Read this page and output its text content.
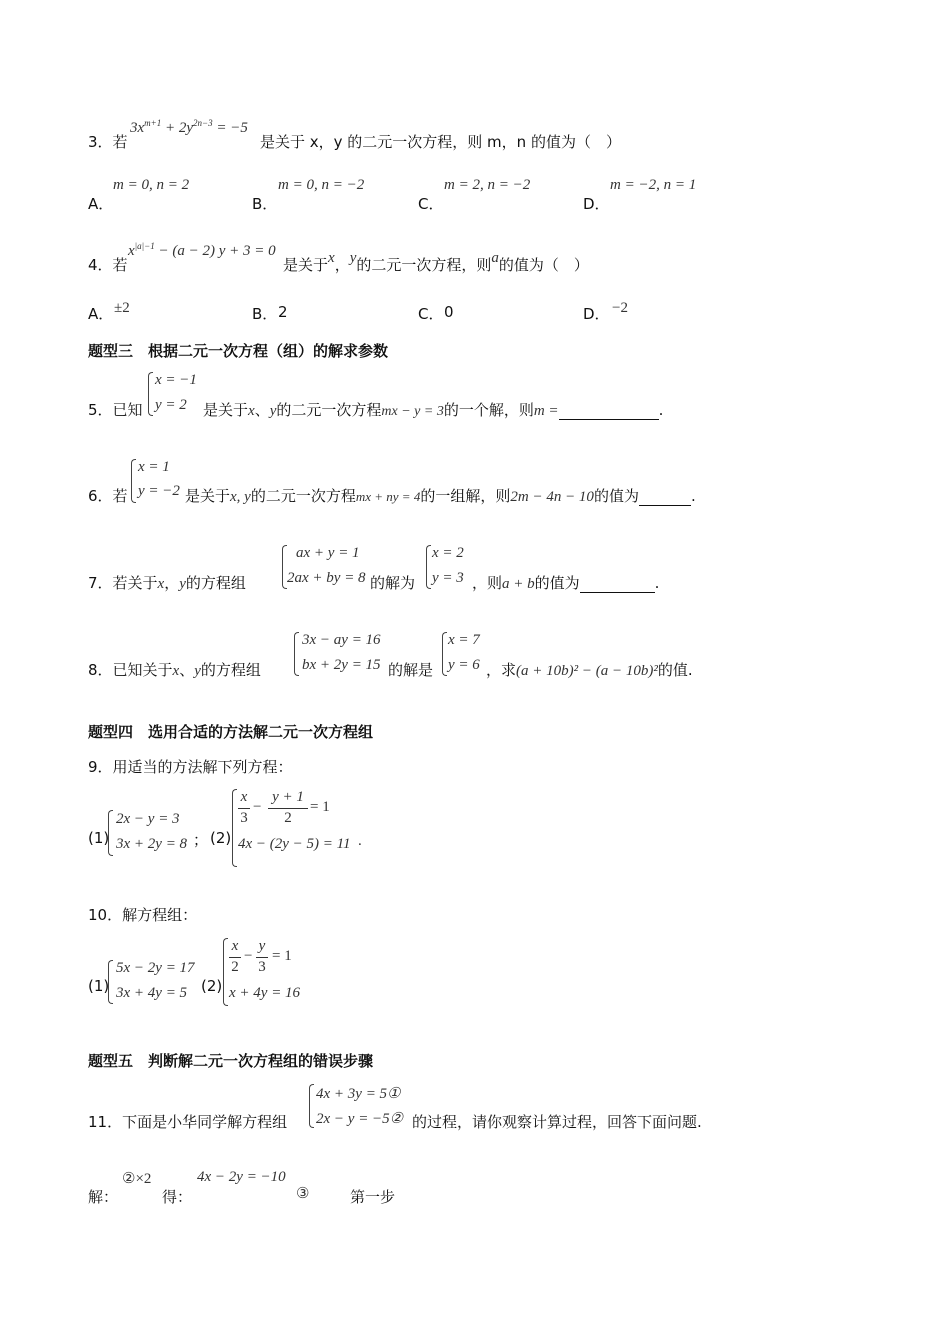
3．若
$3x^{m+1} + 2y^{2n-3} = -5$
是关于 x，y 的二元一次方程，则 m，n 的值为（　）
A．
m = 0, n = 2
B．
m = 0, n = −2
C．
m = 2, n = −2
D．
m = −2, n = 1
4．若
$x^{|a|-1} - (a - 2) y + 3 = 0$
是关于x，y的二元一次方程，则a的值为（　）
A． ±2	B． 2	C． 0	D． −2
题型三　根据二元一次方程（组）的解求参数
5．已知
x = −1
y = 2 是关于x、y的二元一次方程mx − y = 3的一个解，则m =	.
6．若
x = 1
y = −2 是关于x, y的二元一次方程mx + ny = 4的一组解，则2m − 4n − 10的值为	.
7．若关于x，y的方程组
ax + y = 1
2ax + by = 8 的解为
x = 2
y = 3 ，则a + b的值为	.
8．已知关于x、y的方程组
3x − ay = 16
bx + 2y = 15 的解是
x = 7
y = 6 ，求(a + 10b)² − (a − 10b)²的值.
题型四　选用合适的方法解二元一次方程组
9．用适当的方法解下列方程：
(1)
2x − y = 3
3x + 2y = 8 ； (2)
x
3
−
y + 1
2
= 1
4x − (2y − 5) = 11 .
10．解方程组：
(1)
5x − 2y = 17
3x + 4y = 5 (2)
x
2
−
y
3
= 1
x + 4y = 16
题型五　判断解二元一次方程组的错误步骤
11．下面是小华同学解方程组
4x + 3y = 5①
2x − y = −5② 的过程，请你观察计算过程，回答下面问题.
解：
②×2
得：
4x − 2y = −10
③	第一步
